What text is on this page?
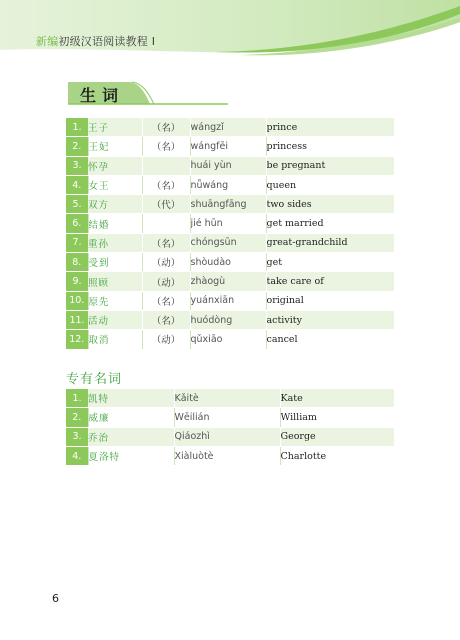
新编初级汉语阅读教程 I
生词
1.	王子	（名）	wángzǐ	prince
2.	王妃	（名）	wángfēi	princess
3.	怀孕		huái yùn	be pregnant
4.	女王	（名）	nǚwáng	queen
5.	双方	（代）	shuāngfāng	two sides
6.	结婚		jié hūn	get married
7.	重孙	（名）	chóngsūn	great-grandchild
8.	受到	（动）	shòudào	get
9.	照顾	（动）	zhàogù	take care of
10.	原先	（名）	yuánxiān	original
11.	活动	（名）	huódòng	activity
12.	取消	（动）	qǔxiāo	cancel
专有名词
1.	凯特	Kǎitè	Kate
2.	威廉	Wēilián	William
3.	乔治	Qiáozhì	George
4.	夏洛特	Xiàluòtè	Charlotte
6
